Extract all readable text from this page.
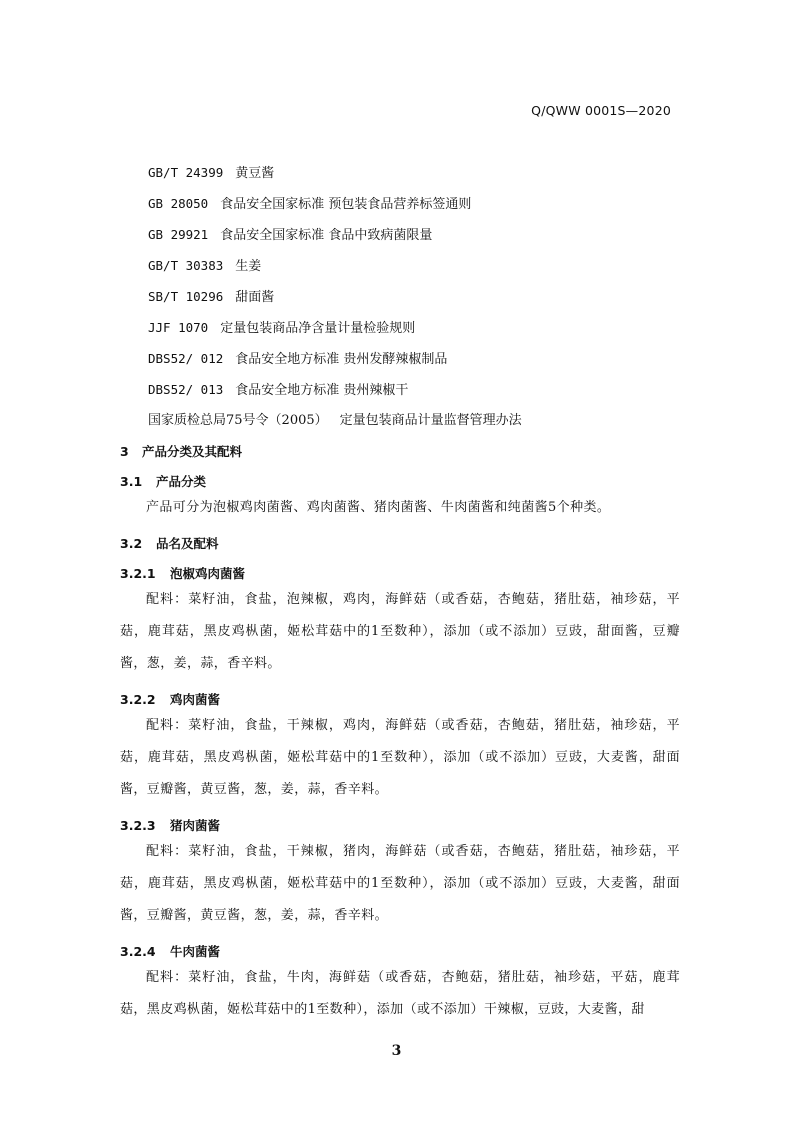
Q/QWW 0001S—2020
GB/T 24399 黄豆酱
GB 28050 食品安全国家标准 预包装食品营养标签通则
GB 29921 食品安全国家标准 食品中致病菌限量
GB/T 30383 生姜
SB/T 10296 甜面酱
JJF 1070 定量包装商品净含量计量检验规则
DBS52/ 012 食品安全地方标准 贵州发酵辣椒制品
DBS52/ 013 食品安全地方标准 贵州辣椒干
国家质检总局75号令（2005） 定量包装商品计量监督管理办法
3 产品分类及其配料
3.1 产品分类
产品可分为泡椒鸡肉菌酱、鸡肉菌酱、猪肉菌酱、牛肉菌酱和纯菌酱5个种类。
3.2 品名及配料
3.2.1 泡椒鸡肉菌酱
配料：菜籽油，食盐，泡辣椒，鸡肉，海鲜菇（或香菇，杏鲍菇，猪肚菇，袖珍菇，平菇，鹿茸菇，黑皮鸡枞菌，姬松茸菇中的1至数种），添加（或不添加）豆豉，甜面酱，豆瓣酱，葱，姜，蒜，香辛料。
3.2.2 鸡肉菌酱
配料：菜籽油，食盐，干辣椒，鸡肉，海鲜菇（或香菇，杏鲍菇，猪肚菇，袖珍菇，平菇，鹿茸菇，黑皮鸡枞菌，姬松茸菇中的1至数种），添加（或不添加）豆豉，大麦酱，甜面酱，豆瓣酱，黄豆酱，葱，姜，蒜，香辛料。
3.2.3 猪肉菌酱
配料：菜籽油，食盐，干辣椒，猪肉，海鲜菇（或香菇，杏鲍菇，猪肚菇，袖珍菇，平菇，鹿茸菇，黑皮鸡枞菌，姬松茸菇中的1至数种），添加（或不添加）豆豉，大麦酱，甜面酱，豆瓣酱，黄豆酱，葱，姜，蒜，香辛料。
3.2.4 牛肉菌酱
配料：菜籽油，食盐，牛肉，海鲜菇（或香菇，杏鲍菇，猪肚菇，袖珍菇，平菇，鹿茸菇，黑皮鸡枞菌，姬松茸菇中的1至数种），添加（或不添加）干辣椒，豆豉，大麦酱，甜
3
